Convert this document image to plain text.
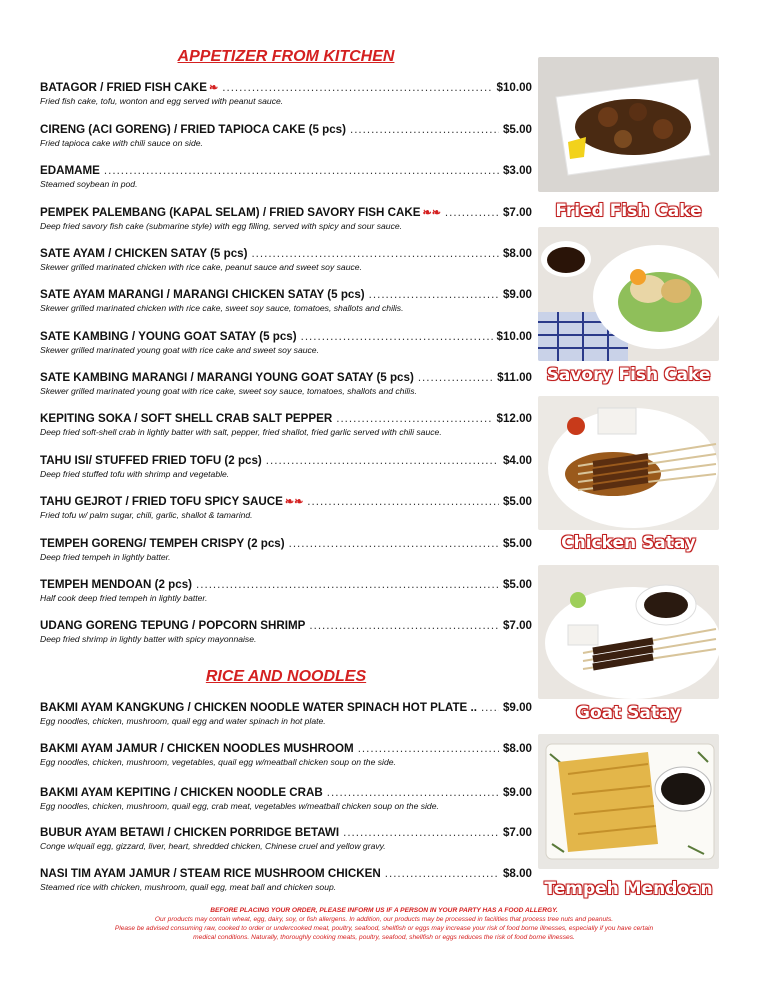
APPETIZER FROM KITCHEN
BATAGOR / FRIED FISH CAKE ❧ .....	$10.00
Fried fish cake, tofu, wonton and egg served with peanut sauce.
CIRENG (ACI GORENG) / FRIED TAPIOCA CAKE (5 pcs) .....	$5.00
Fried tapioca cake with chili sauce on side.
EDAMAME .....	$3.00
Steamed soybean in pod.
PEMPEK PALEMBANG (KAPAL SELAM) / FRIED SAVORY FISH CAKE ❧❧ .....	$7.00
Deep fried savory fish cake (submarine style) with egg filling, served with spicy and sour sauce.
SATE AYAM / CHICKEN SATAY (5 pcs) .....	$8.00
Skewer grilled marinated chicken with rice cake, peanut sauce and sweet soy sauce.
SATE AYAM MARANGI / MARANGI CHICKEN SATAY (5 pcs) .....	$9.00
Skewer grilled marinated chicken with rice cake, sweet soy sauce, tomatoes, shallots and chilis.
SATE KAMBING / YOUNG GOAT SATAY (5 pcs) .....	$10.00
Skewer grilled marinated young goat with rice cake and sweet soy sauce.
SATE KAMBING MARANGI / MARANGI YOUNG GOAT SATAY (5 pcs) .....	$11.00
Skewer grilled marinated young goat with rice cake, sweet soy sauce, tomatoes, shallots and chilis.
KEPITING SOKA / SOFT SHELL CRAB SALT PEPPER .....	$12.00
Deep fried soft-shell crab in lightly batter with salt, pepper, fried shallot, fried garlic served with chili sauce.
TAHU ISI/ STUFFED FRIED TOFU (2 pcs) .....	$4.00
Deep fried stuffed tofu with shrimp and vegetable.
TAHU GEJROT / FRIED TOFU SPICY SAUCE ❧❧ .....	$5.00
Fried tofu w/ palm sugar, chili, garlic, shallot & tamarind.
TEMPEH GORENG/ TEMPEH CRISPY (2 pcs) .....	$5.00
Deep fried tempeh in lightly batter.
TEMPEH MENDOAN (2 pcs) .....	$5.00
Half cook deep fried tempeh in lightly batter.
UDANG GORENG TEPUNG / POPCORN SHRIMP .....	$7.00
Deep fried shrimp in lightly batter with spicy mayonnaise.
RICE AND NOODLES
BAKMI AYAM KANGKUNG / CHICKEN NOODLE WATER SPINACH HOT PLATE .. ..... $9.00
Egg noodles, chicken, mushroom, quail egg and water spinach in hot plate.
BAKMI AYAM JAMUR / CHICKEN NOODLES MUSHROOM .....	$8.00
Egg noodles, chicken, mushroom, vegetables, quail egg w/meatball chicken soup on the side.
BAKMI AYAM KEPITING / CHICKEN NOODLE CRAB .....	$9.00
Egg noodles, chicken, mushroom, quail egg, crab meat, vegetables w/meatball chicken soup on the side.
BUBUR AYAM BETAWI / CHICKEN PORRIDGE BETAWI .....	$7.00
Conge w/quail egg, gizzard, liver, heart, shredded chicken, Chinese cruel and yellow gravy.
NASI TIM AYAM JAMUR / STEAM RICE MUSHROOM CHICKEN .....	$8.00
Steamed rice with chicken, mushroom, quail egg, meat ball and chicken soup.
Fried Fish Cake
Savory Fish Cake
Chicken Satay
Goat Satay
Tempeh Mendoan
BEFORE PLACING YOUR ORDER, PLEASE INFORM US IF A PERSON IN YOUR PARTY HAS A FOOD ALLERGY.
Our products may contain wheat, egg, dairy, soy, or fish allergens. In addition, our products may be processed in facilities that process tree nuts and peanuts.
Please be advised consuming raw, cooked to order or undercooked meat, poultry, seafood, shellfish or eggs may increase your risk of food borne illnesses, especially if you have certain
medical conditions. Naturally, thoroughly cooking meats, poultry, seafood, shellfish or eggs reduces the risk of food borne illnesses.
